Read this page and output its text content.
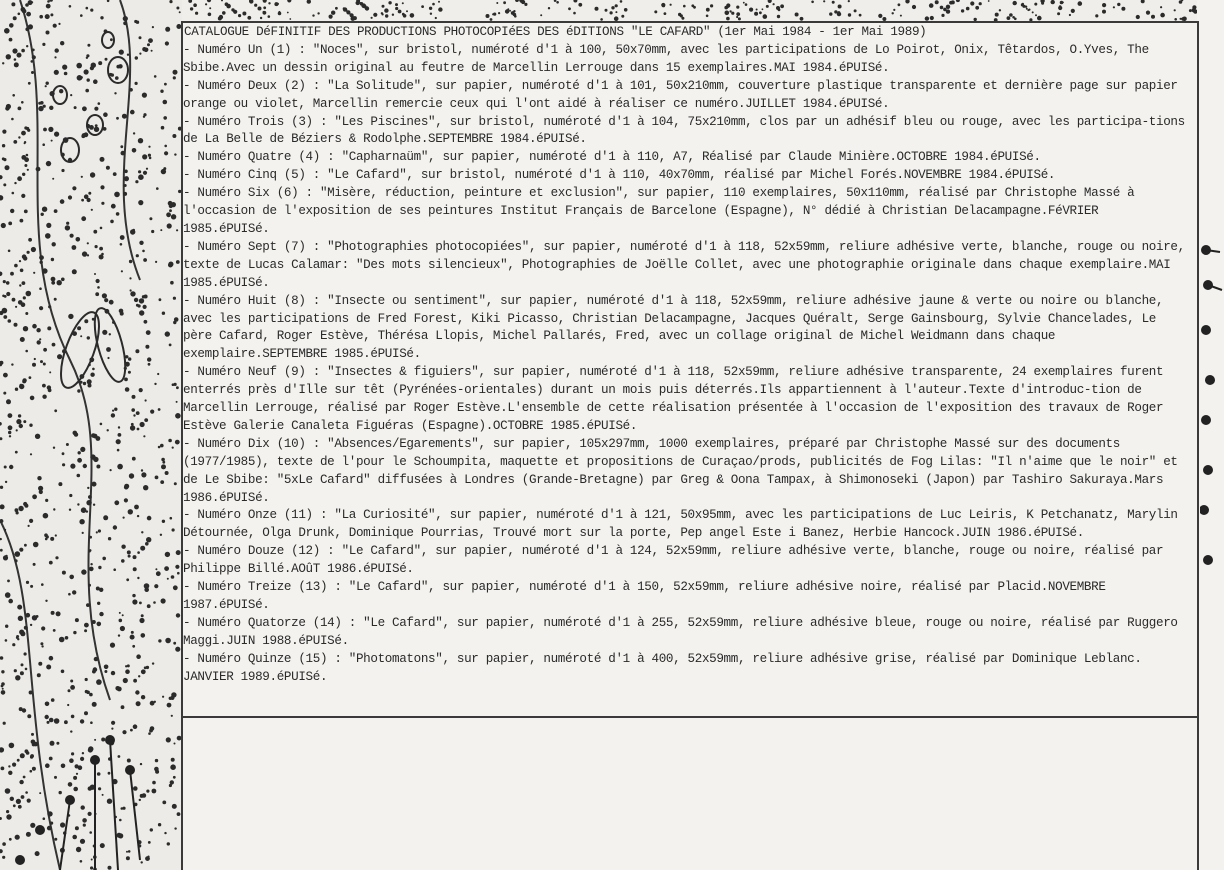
CATALOGUE DéFINITIF DES PRODUCTIONS PHOTOCOPIéES DES éDITIONS "LE CAFARD" (1er Mai 1984 - 1er Mai 1989)
- Numéro Un (1) : "Noces", sur bristol, numéroté d'1 à 100, 50x70mm, avec les participations de Lo Poirot, Onix, Têtardos, O.Yves, The Sbibe.Avec un dessin original au feutre de Marcellin Lerrouge dans 15 exemplaires.MAI 1984.éPUISé.
- Numéro Deux (2) : "La Solitude", sur papier, numéroté d'1 à 101, 50x210mm, couverture plastique transparente et dernière page sur papier orange ou violet, Marcellin remercie ceux qui l'ont aidé à réaliser ce numéro.JUILLET 1984.éPUISé.
- Numéro Trois (3) : "Les Piscines", sur bristol, numéroté d'1 à 104, 75x210mm, clos par un adhésif bleu ou rouge, avec les participa-tions de La Belle de Béziers & Rodolphe.SEPTEMBRE 1984.éPUISé.
- Numéro Quatre (4) : "Capharnaüm", sur papier, numéroté d'1 à 110, A7, Réalisé par Claude Minière.OCTOBRE 1984.éPUISé.
- Numéro Cinq (5) : "Le Cafard", sur bristol, numéroté d'1 à 110, 40x70mm, réalisé par Michel Forés.NOVEMBRE 1984.éPUISé.
- Numéro Six (6) : "Misère, réduction, peinture et exclusion", sur papier, 110 exemplaires, 50x110mm, réalisé par Christophe Massé à l'occasion de l'exposition de ses peintures Institut Français de Barcelone (Espagne), N° dédié à Christian Delacampagne.FéVRIER 1985.éPUISé.
- Numéro Sept (7) : "Photographies photocopiées", sur papier, numéroté d'1 à 118, 52x59mm, reliure adhésive verte, blanche, rouge ou noire, texte de Lucas Calamar: "Des mots silencieux", Photographies de Joëlle Collet, avec une photographie originale dans chaque exemplaire.MAI 1985.éPUISé.
- Numéro Huit (8) : "Insecte ou sentiment", sur papier, numéroté d'1 à 118, 52x59mm, reliure adhésive jaune & verte ou noire ou blanche, avec les participations de Fred Forest, Kiki Picasso, Christian Delacampagne, Jacques Quéralt, Serge Gainsbourg, Sylvie Chancelades, Le père Cafard, Roger Estève, Thérésa Llopis, Michel Pallarés, Fred, avec un collage original de Michel Weidmann dans chaque exemplaire.SEPTEMBRE 1985.éPUISé.
- Numéro Neuf (9) : "Insectes & figuiers", sur papier, numéroté d'1 à 118, 52x59mm, reliure adhésive transparente, 24 exemplaires furent enterrés près d'Ille sur têt (Pyrénées-orientales) durant un mois puis déterrés.Ils appartiennent à l'auteur.Texte d'introduc-tion de Marcellin Lerrouge, réalisé par Roger Estève.L'ensemble de cette réalisation présentée à l'occasion de l'exposition des travaux de Roger Estève Galerie Canaleta Figuéras (Espagne).OCTOBRE 1985.éPUISé.
- Numéro Dix (10) : "Absences/Egarements", sur papier, 105x297mm, 1000 exemplaires, préparé par Christophe Massé sur des documents (1977/1985), texte de l'pour le Schoumpita, maquette et propositions de Curaçao/prods, publicités de Fog Lilas: "Il n'aime que le noir" et de Le Sbibe: "5xLe Cafard" diffusées à Londres (Grande-Bretagne) par Greg & Oona Tampax, à Shimonoseki (Japon) par Tashiro Sakuraya.Mars 1986.éPUISé.
- Numéro Onze (11) : "La Curiosité", sur papier, numéroté d'1 à 121, 50x95mm, avec les participations de Luc Leiris, K Petchanatz, Marylin Détournée, Olga Drunk, Dominique Pourrias, Trouvé mort sur la porte, Pep angel Este i Banez, Herbie Hancock.JUIN 1986.éPUISé.
- Numéro Douze (12) : "Le Cafard", sur papier, numéroté d'1 à 124, 52x59mm, reliure adhésive verte, blanche, rouge ou noire, réalisé par Philippe Billé.AOûT 1986.éPUISé.
- Numéro Treize (13) : "Le Cafard", sur papier, numéroté d'1 à 150, 52x59mm, reliure adhésive noire, réalisé par Placid.NOVEMBRE 1987.éPUISé.
- Numéro Quatorze (14) : "Le Cafard", sur papier, numéroté d'1 à 255, 52x59mm, reliure adhésive bleue, rouge ou noire, réalisé par Ruggero Maggi.JUIN 1988.éPUISé.
- Numéro Quinze (15) : "Photomatons", sur papier, numéroté d'1 à 400, 52x59mm, reliure adhésive grise, réalisé par Dominique Leblanc. JANVIER 1989.éPUISé.
